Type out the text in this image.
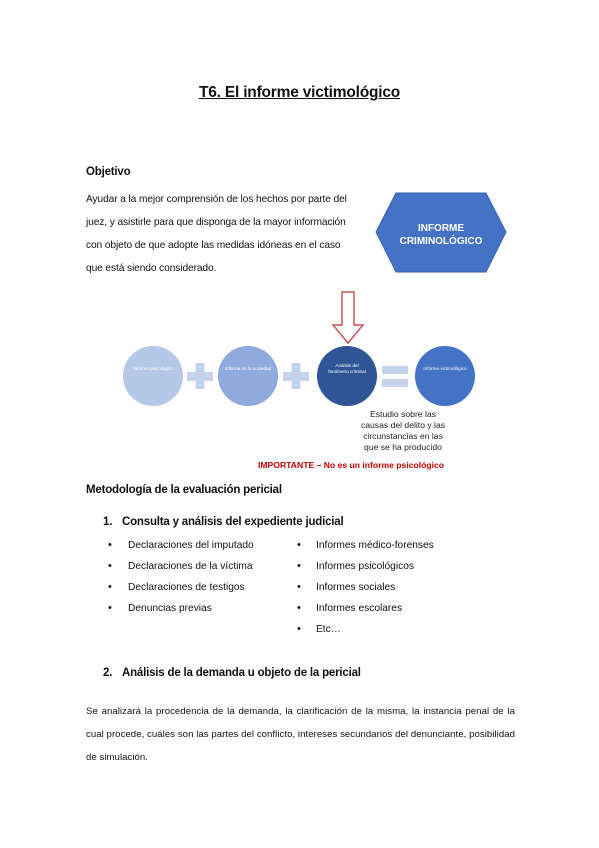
T6. El informe victimológico
Objetivo
Ayudar a la mejor comprensión de los hechos por parte del
juez, y asistirle para que disponga de la mayor información
con objeto de que adopte las medidas idóneas en el caso
que está siendo considerado.
INFORME
CRIMINOLÓGICO
Informe psicológico	Informe de la sociedad
Análisis del fenómeno criminal
Informe victimológico
Estudio sobre las
causas del delito y las
circunstancias en las
que se ha producido
IMPORTANTE – No es un informe psicológico
Metodología de la evaluación pericial
1. Consulta y análisis del expediente judicial
• Declaraciones del imputado
• Declaraciones de la víctima
• Declaraciones de testigos
• Denuncias previas
• Informes médico-forenses
• Informes psicológicos
• Informes sociales
• Informes escolares
• Etc…
2. Análisis de la demanda u objeto de la pericial
Se analizará la procedencia de la demanda, la clarificación de la misma, la instancia penal de la cual procede, cuáles son las partes del conflicto, intereses secundarios del denunciante, posibilidad de simulación.
